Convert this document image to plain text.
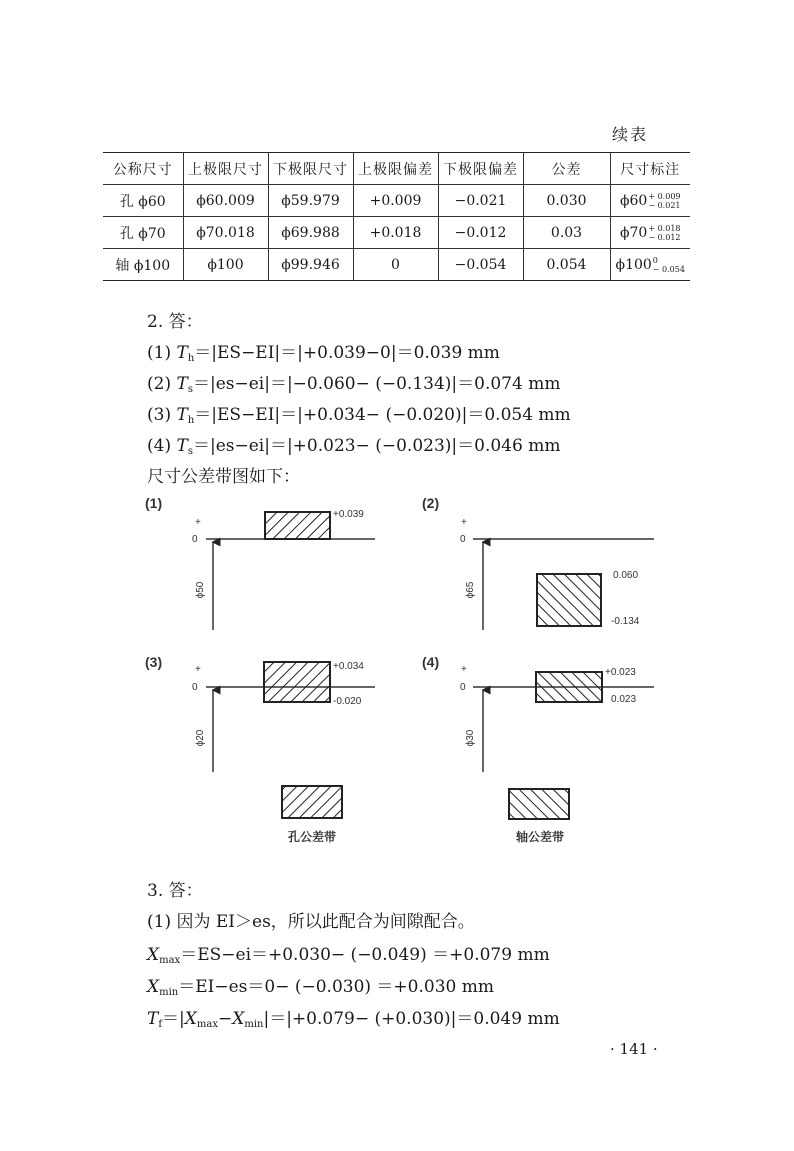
续表
公称尺寸	上极限尺寸	下极限尺寸	上极限偏差	下极限偏差	公差	尺寸标注
孔 ϕ60	ϕ60.009	ϕ59.979	+0.009	−0.021	0.030	ϕ60 + 0.009
− 0.021

孔 ϕ70	ϕ70.018	ϕ69.988	+0.018	−0.012	0.03	ϕ70 + 0.018
− 0.012

轴 ϕ100	ϕ100	ϕ99.946	0	−0.054	0.054	ϕ100 0
− 0.054
2. 答：
(1) $T_h=|ES-EI|=|+0.039-0|=0.039$ mm
(2) $T_s=|es-ei|=|-0.060- (-0.134)|=0.074$ mm
(3) $T_h=|ES-EI|=|+0.034- (-0.020)|=0.054$ mm
(4) $T_s=|es-ei|=|+0.023- (-0.023)|=0.046$ mm
尺寸公差带图如下：
(1)
+
0
ϕ50
+0.039
(2)
+
0
ϕ65
0.060
-0.134
(3)	+
0
ϕ20
+0.034
-0.020
(4) +
0
ϕ30
+0.023
0.023
孔公差带	轴公差带
3. 答：
(1) 因为 EI＞es，所以此配合为间隙配合。
$X_{max}=ES-ei=+0.030- (-0.049) =+0.079$ mm
$X_{min}=EI-es=0- (-0.030) =+0.030$ mm
$T_f=|X_{max}-X_{min}|=|+0.079- (+0.030)|=0.049$ mm
· 141 ·
